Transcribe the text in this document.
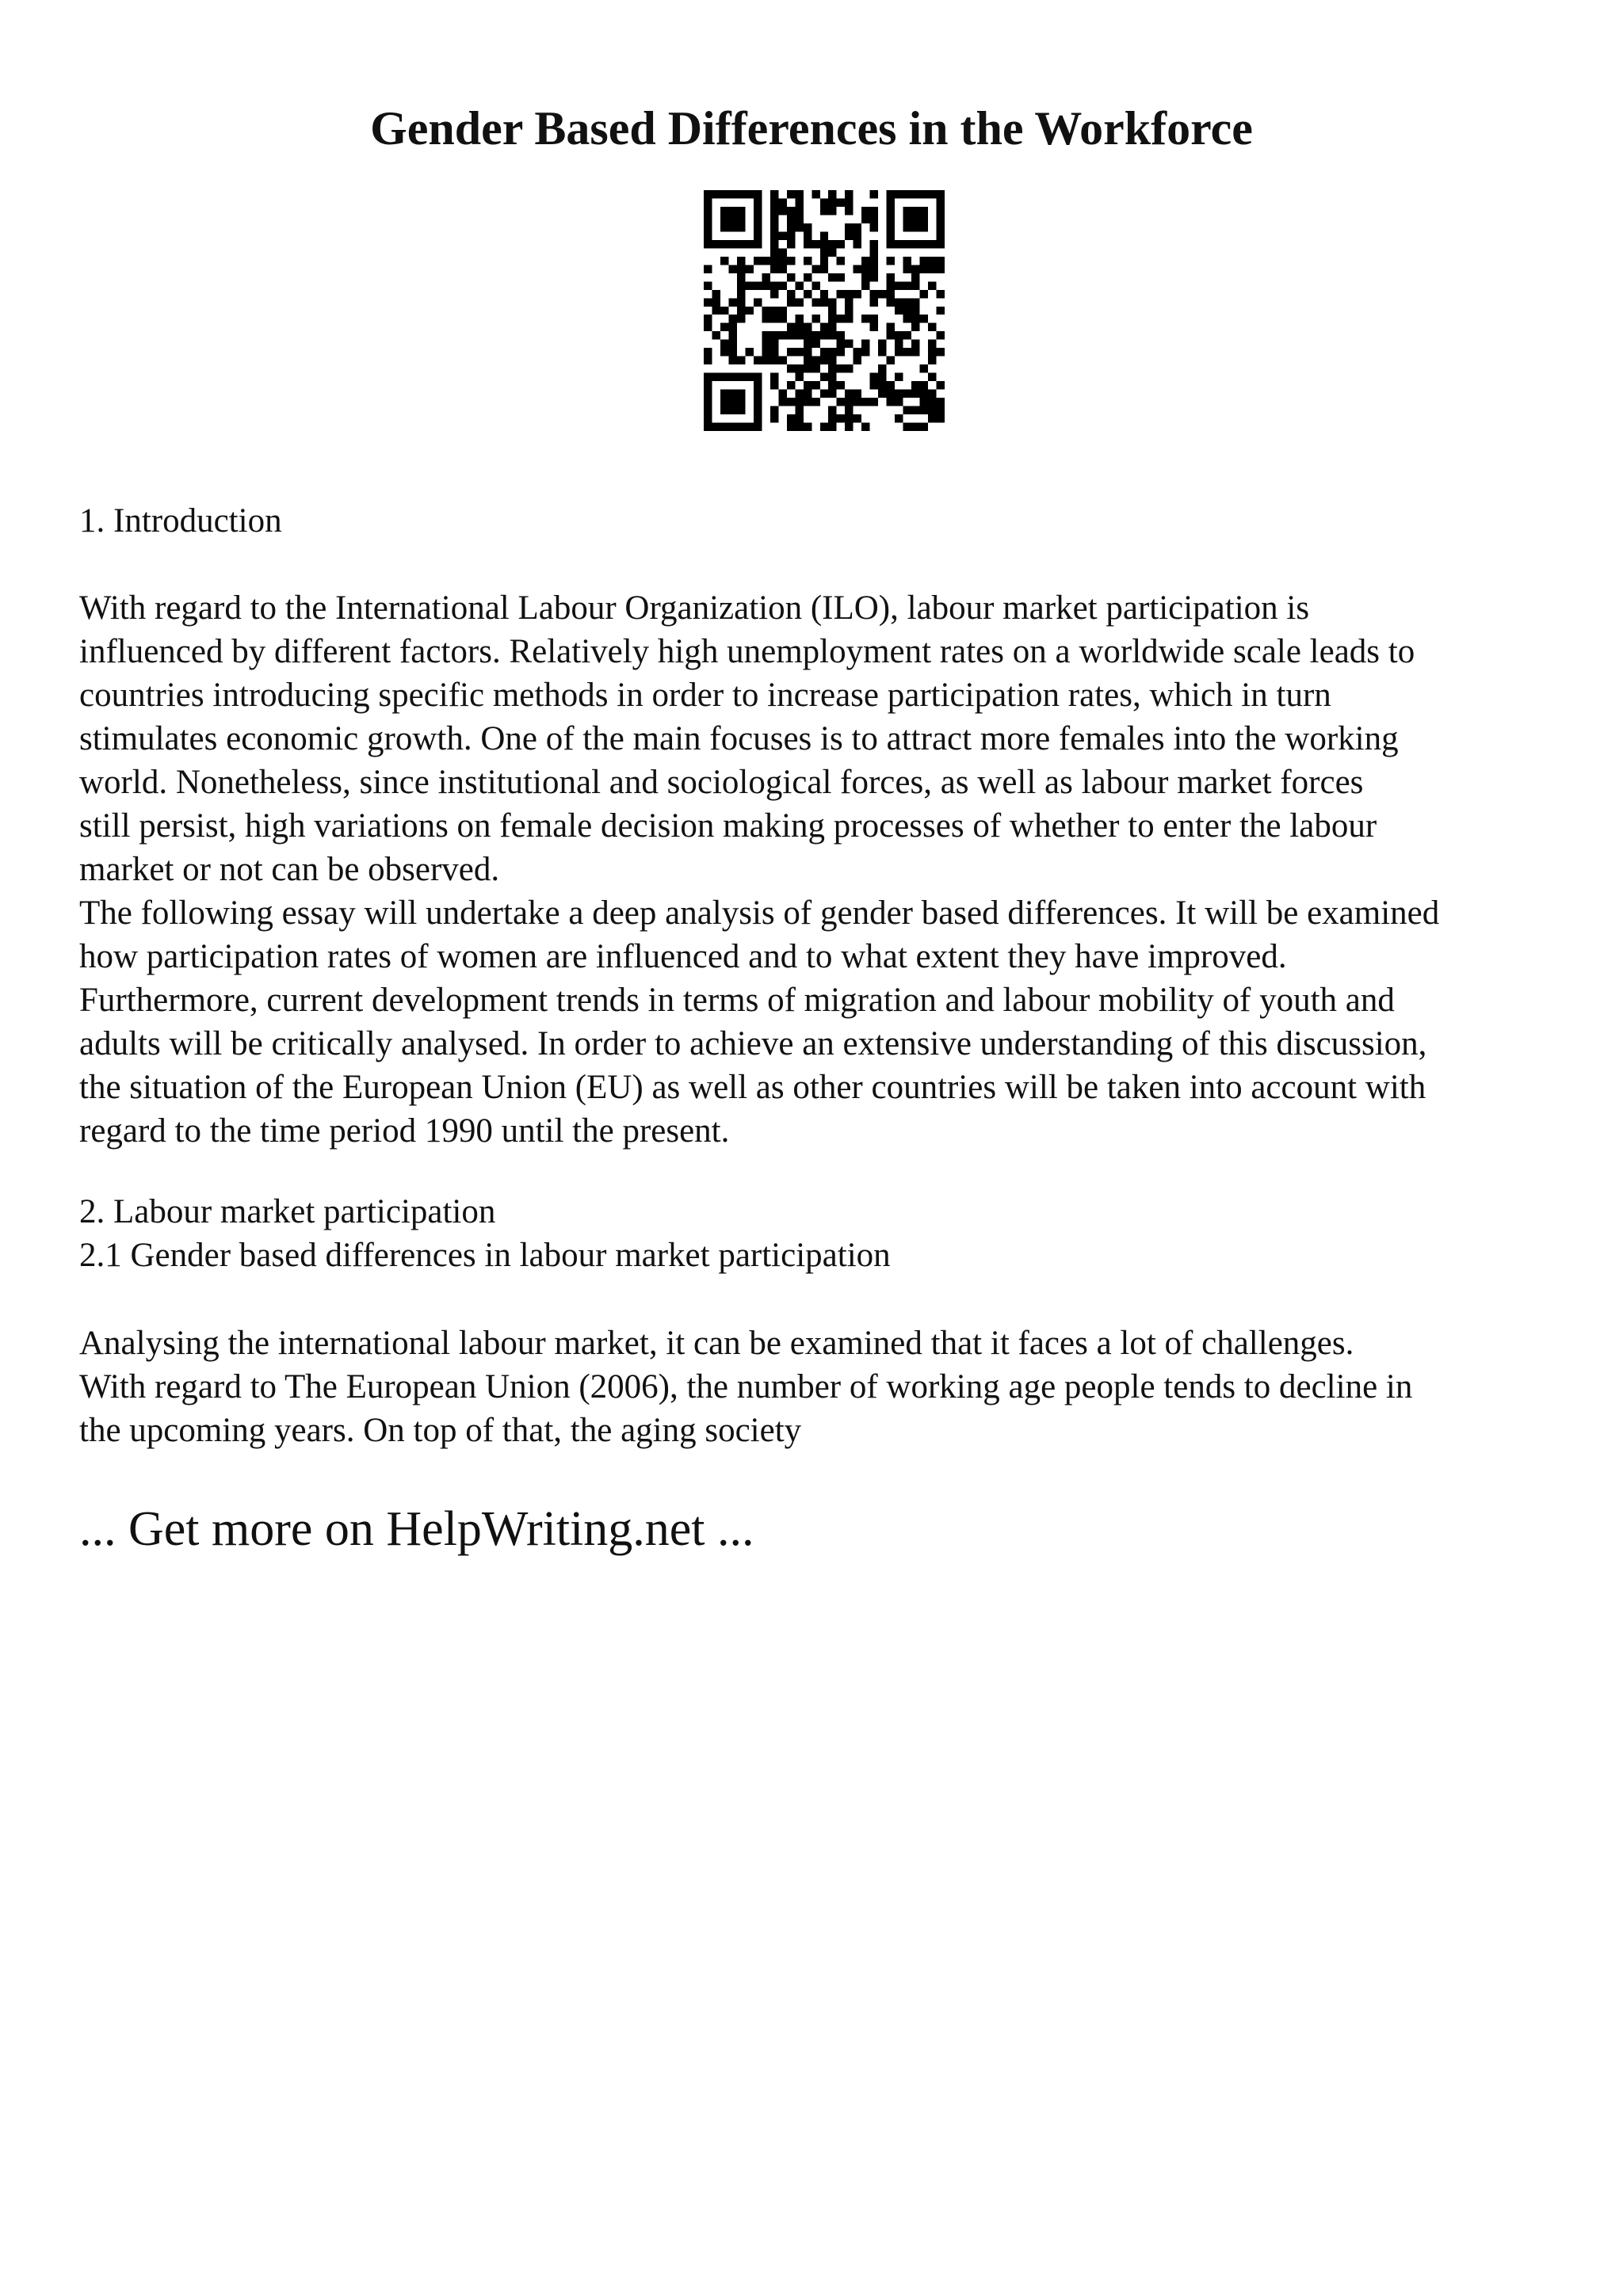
Gender Based Differences in the Workforce

1. Introduction

With regard to the International Labour Organization (ILO), labour market participation is
influenced by different factors. Relatively high unemployment rates on a worldwide scale leads to
countries introducing specific methods in order to increase participation rates, which in turn
stimulates economic growth. One of the main focuses is to attract more females into the working
world. Nonetheless, since institutional and sociological forces, as well as labour market forces
still persist, high variations on female decision making processes of whether to enter the labour
market or not can be observed.

The following essay will undertake a deep analysis of gender based differences. It will be examined
how participation rates of women are influenced and to what extent they have improved.
Furthermore, current development trends in terms of migration and labour mobility of youth and
adults will be critically analysed. In order to achieve an extensive understanding of this discussion,
the situation of the European Union (EU) as well as other countries will be taken into account with
regard to the time period 1990 until the present.

2. Labour market participation

2.1 Gender based differences in labour market participation

Analysing the international labour market, it can be examined that it faces a lot of challenges.
With regard to The European Union (2006), the number of working age people tends to decline in
the upcoming years. On top of that, the aging society

... Get more on HelpWriting.net ...
